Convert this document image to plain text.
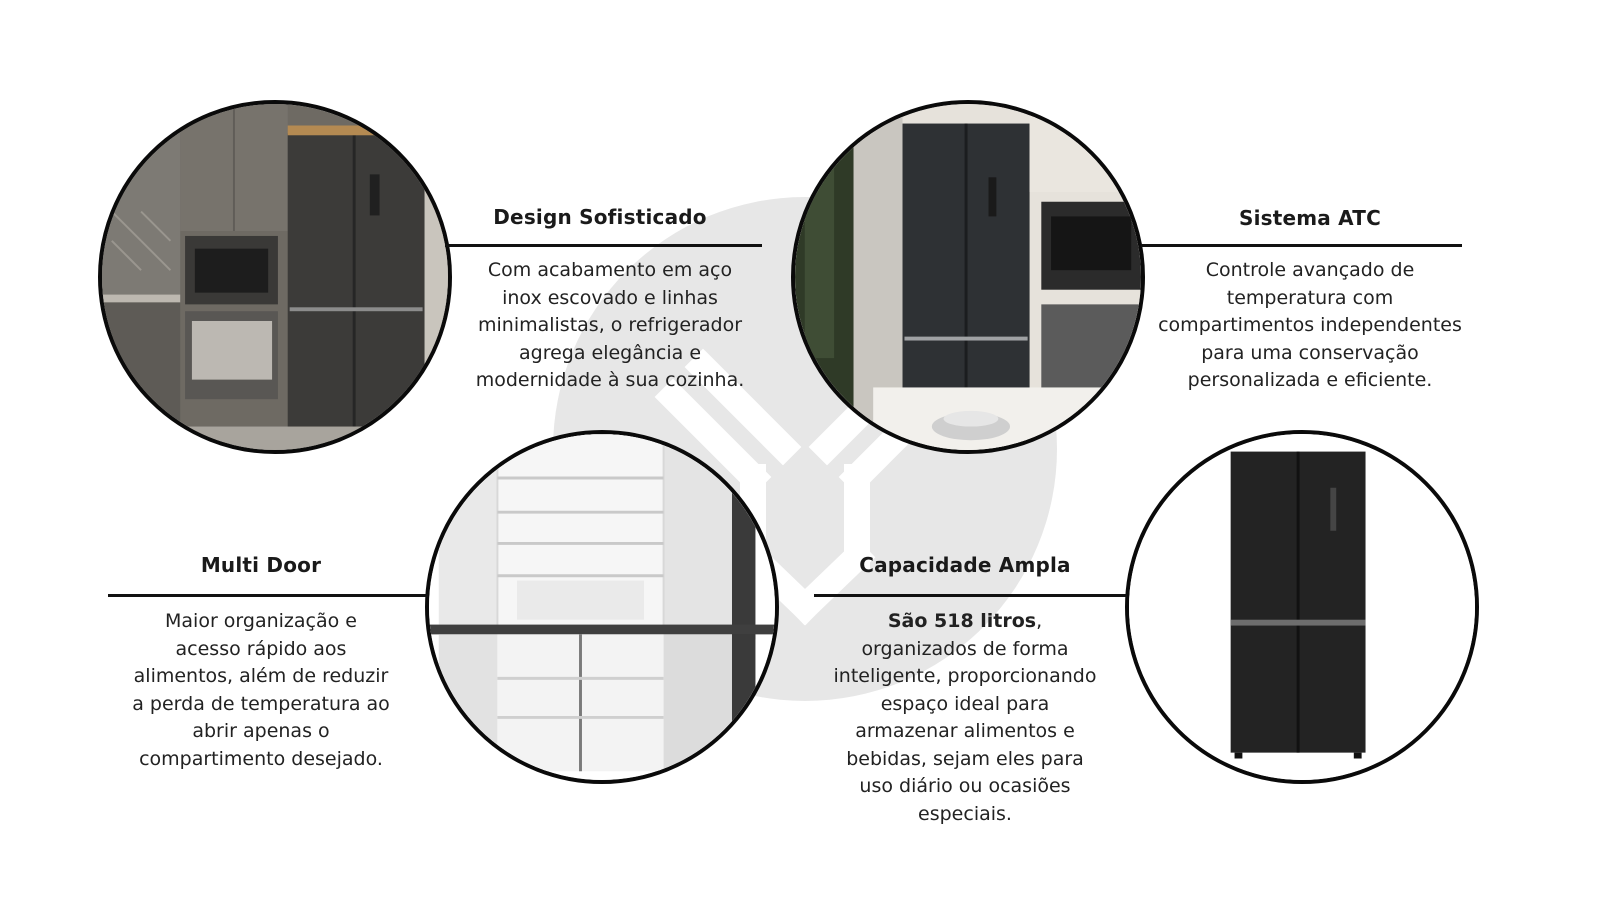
Design Sofisticado
Com acabamento em aço inox escovado e linhas minimalistas, o refrigerador agrega elegância e modernidade à sua cozinha.
Sistema ATC
Controle avançado de temperatura com compartimentos independentes para uma conservação personalizada e eficiente.
Multi Door
Maior organização e acesso rápido aos alimentos, além de reduzir a perda de temperatura ao abrir apenas o compartimento desejado.
Capacidade Ampla
São 518 litros, organizados de forma inteligente, proporcionando espaço ideal para armazenar alimentos e bebidas, sejam eles para uso diário ou ocasiões especiais.
